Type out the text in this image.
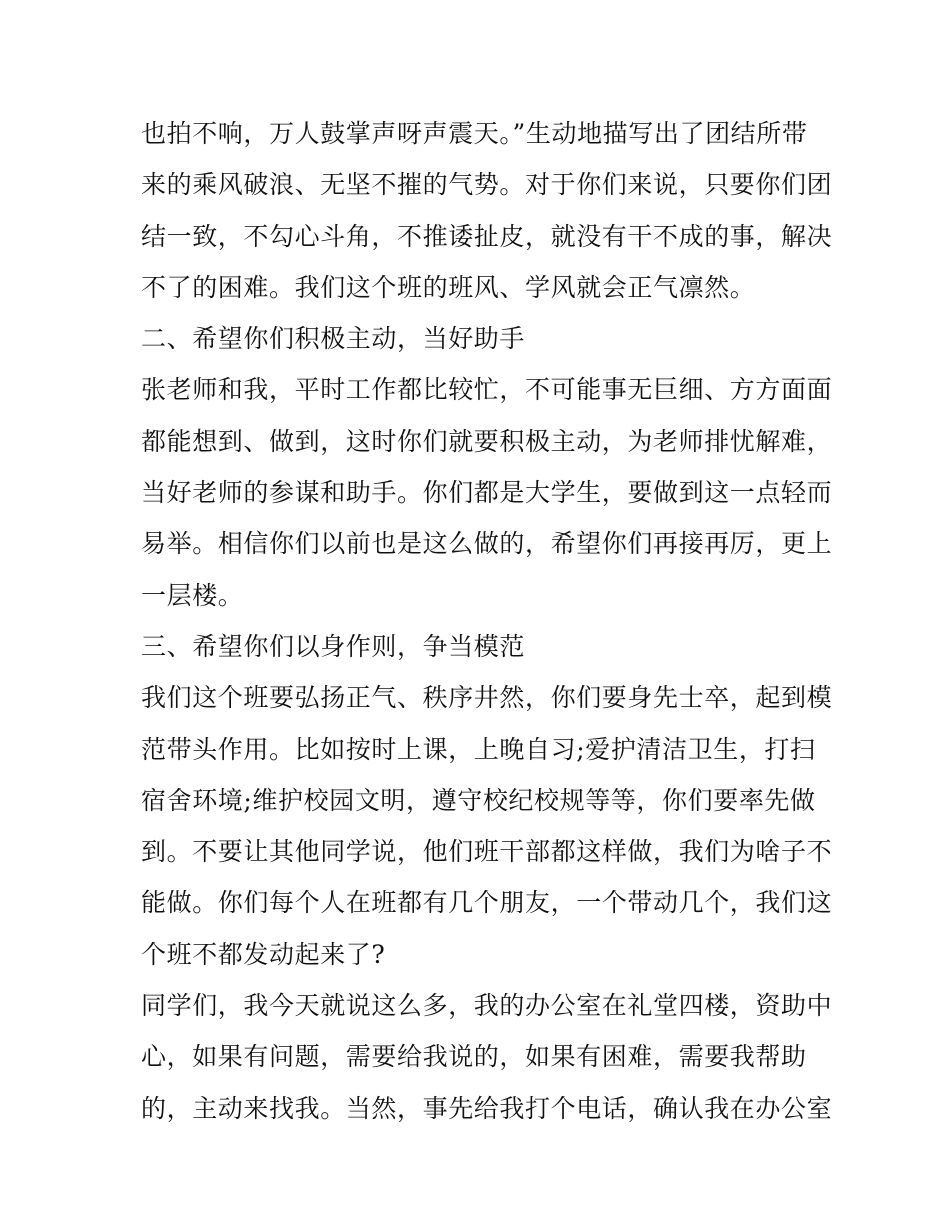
也拍不响，万人鼓掌声呀声震天。”生动地描写出了团结所带
来的乘风破浪、无坚不摧的气势。对于你们来说，只要你们团
结一致，不勾心斗角，不推诿扯皮，就没有干不成的事，解决
不了的困难。我们这个班的班风、学风就会正气凛然。
二、希望你们积极主动，当好助手
张老师和我，平时工作都比较忙，不可能事无巨细、方方面面
都能想到、做到，这时你们就要积极主动，为老师排忧解难，
当好老师的参谋和助手。你们都是大学生，要做到这一点轻而
易举。相信你们以前也是这么做的，希望你们再接再厉，更上
一层楼。
三、希望你们以身作则，争当模范
我们这个班要弘扬正气、秩序井然，你们要身先士卒，起到模
范带头作用。比如按时上课，上晚自习;爱护清洁卫生，打扫
宿舍环境;维护校园文明，遵守校纪校规等等，你们要率先做
到。不要让其他同学说，他们班干部都这样做，我们为啥子不
能做。你们每个人在班都有几个朋友，一个带动几个，我们这
个班不都发动起来了?
同学们，我今天就说这么多，我的办公室在礼堂四楼，资助中
心，如果有问题，需要给我说的，如果有困难，需要我帮助
的，主动来找我。当然，事先给我打个电话，确认我在办公室
